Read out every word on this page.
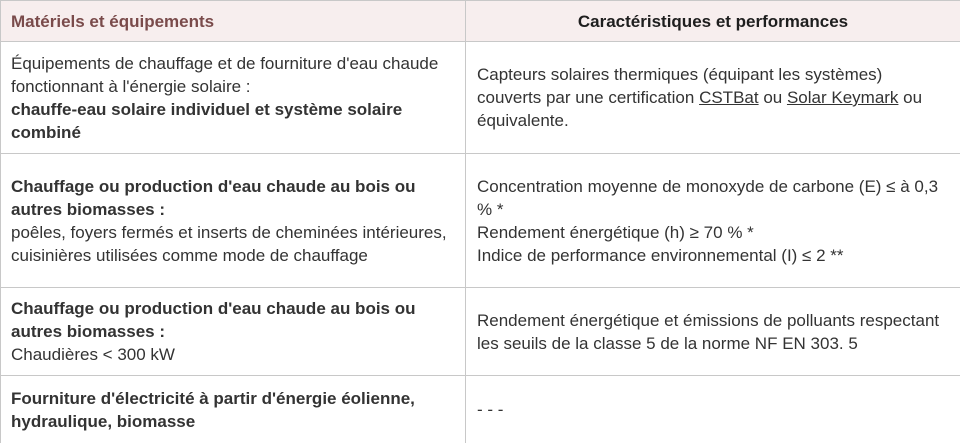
Matériels et équipements	Caractéristiques et performances

Équipements de chauffage et de fourniture d'eau chaude fonctionnant à l'énergie solaire :
chauffe-eau solaire individuel et système solaire combiné	Capteurs solaires thermiques (équipant les systèmes) couverts par une certification CSTBat ou Solar Keymark ou équivalente.

Chauffage ou production d'eau chaude au bois ou autres biomasses :
poêles, foyers fermés et inserts de cheminées intérieures, cuisinières utilisées comme mode de chauffage	Concentration moyenne de monoxyde de carbone (E) ≤ à 0,3 % *
Rendement énergétique (h) ≥ 70 % *
Indice de performance environnemental (I) ≤ 2 **

Chauffage ou production d'eau chaude au bois ou autres biomasses :
Chaudières < 300 kW	Rendement énergétique et émissions de polluants respectant les seuils de la classe 5 de la norme NF EN 303. 5

Fourniture d'électricité à partir d'énergie éolienne, hydraulique, biomasse	- - -
